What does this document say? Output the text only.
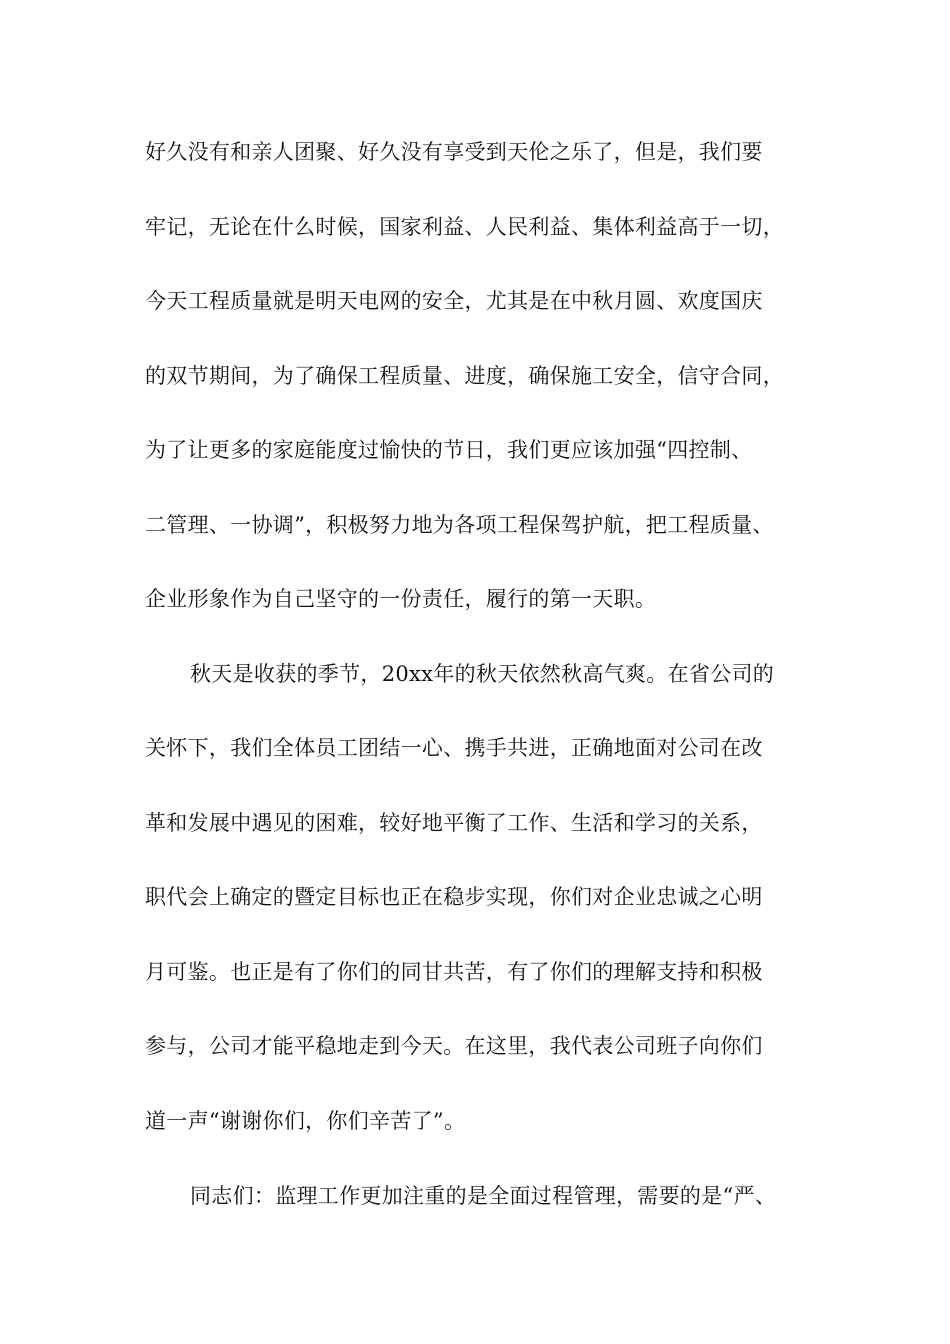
好久没有和亲人团聚、好久没有享受到天伦之乐了，但是，我们要
牢记，无论在什么时候，国家利益、人民利益、集体利益高于一切，
今天工程质量就是明天电网的安全，尤其是在中秋月圆、欢度国庆
的双节期间，为了确保工程质量、进度，确保施工安全，信守合同，
为了让更多的家庭能度过愉快的节日，我们更应该加强“四控制、
二管理、一协调”，积极努力地为各项工程保驾护航，把工程质量、
企业形象作为自己坚守的一份责任，履行的第一天职。
秋天是收获的季节，20xx年的秋天依然秋高气爽。在省公司的
关怀下，我们全体员工团结一心、携手共进，正确地面对公司在改
革和发展中遇见的困难，较好地平衡了工作、生活和学习的关系，
职代会上确定的暨定目标也正在稳步实现，你们对企业忠诚之心明
月可鉴。也正是有了你们的同甘共苦，有了你们的理解支持和积极
参与，公司才能平稳地走到今天。在这里，我代表公司班子向你们
道一声“谢谢你们，你们辛苦了”。
同志们：监理工作更加注重的是全面过程管理，需要的是“严、
